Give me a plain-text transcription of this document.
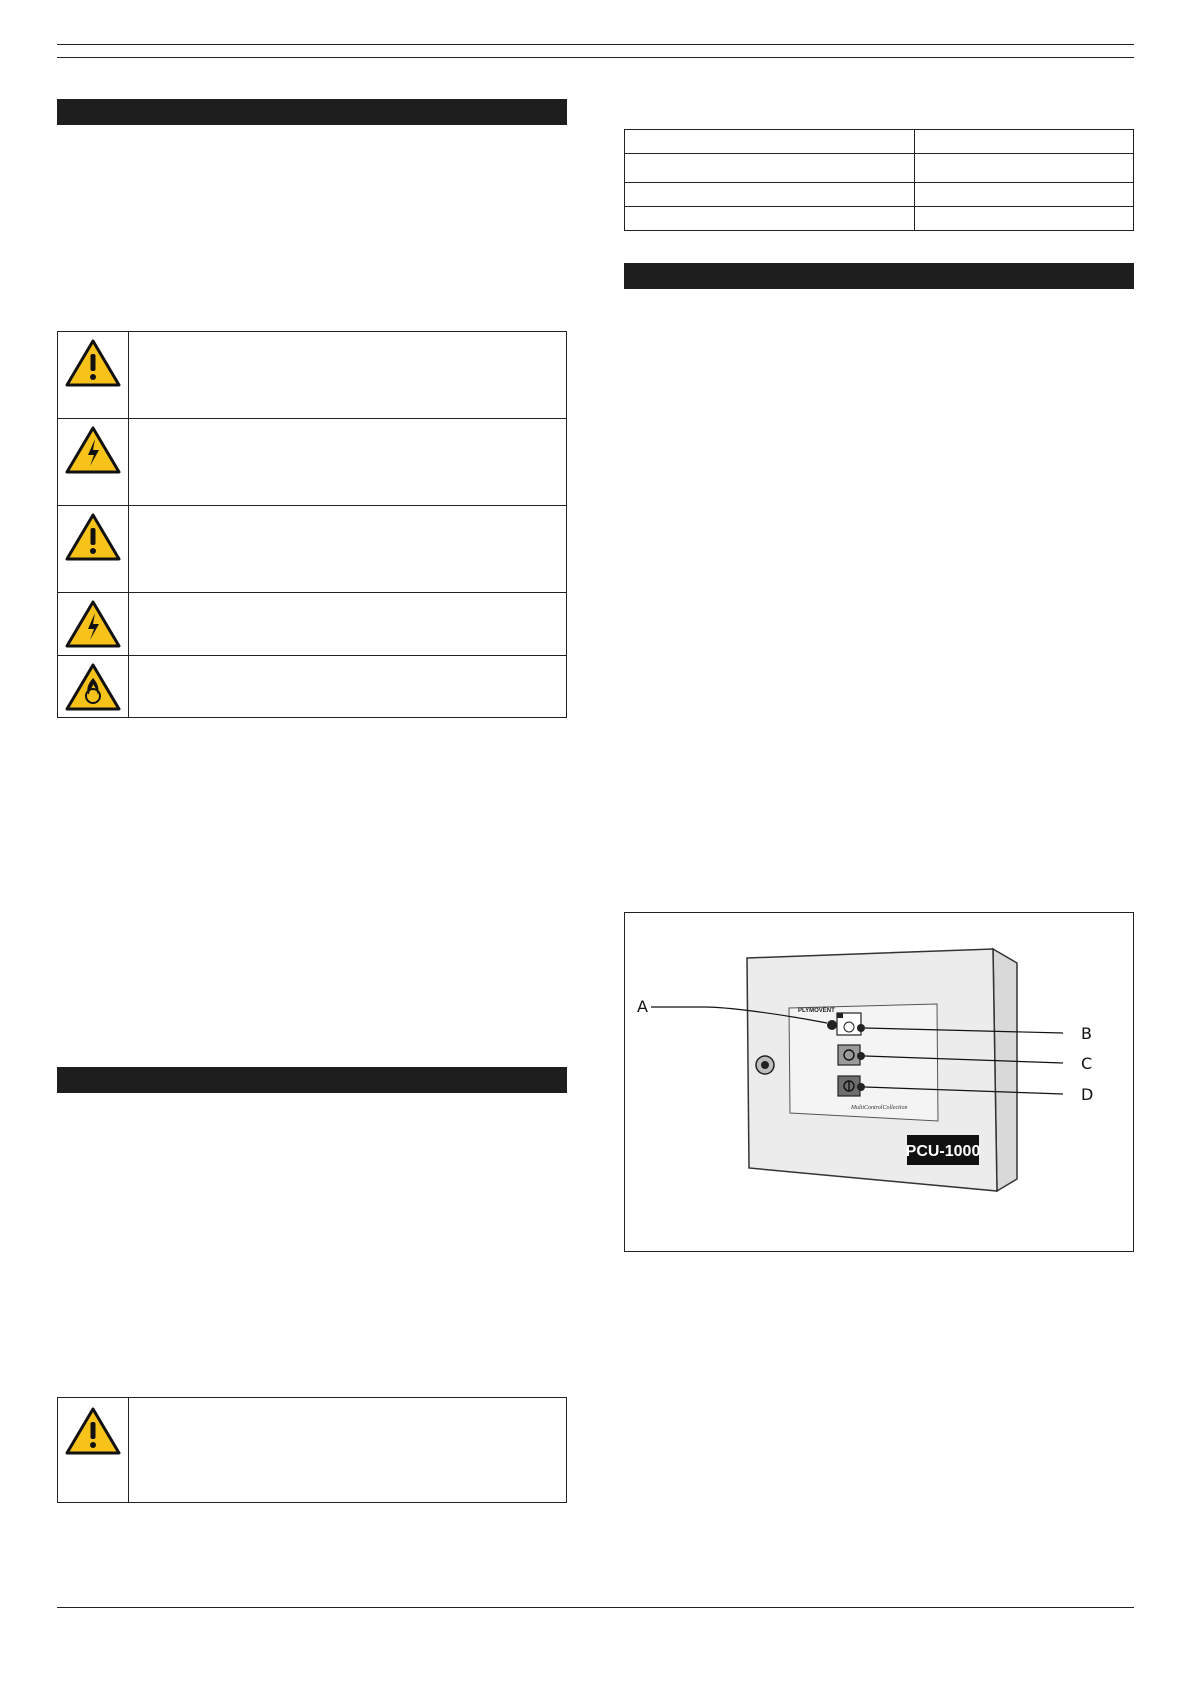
PLYMOVENT
MultiControlCollection
PCU-1000
A
B
C
D
